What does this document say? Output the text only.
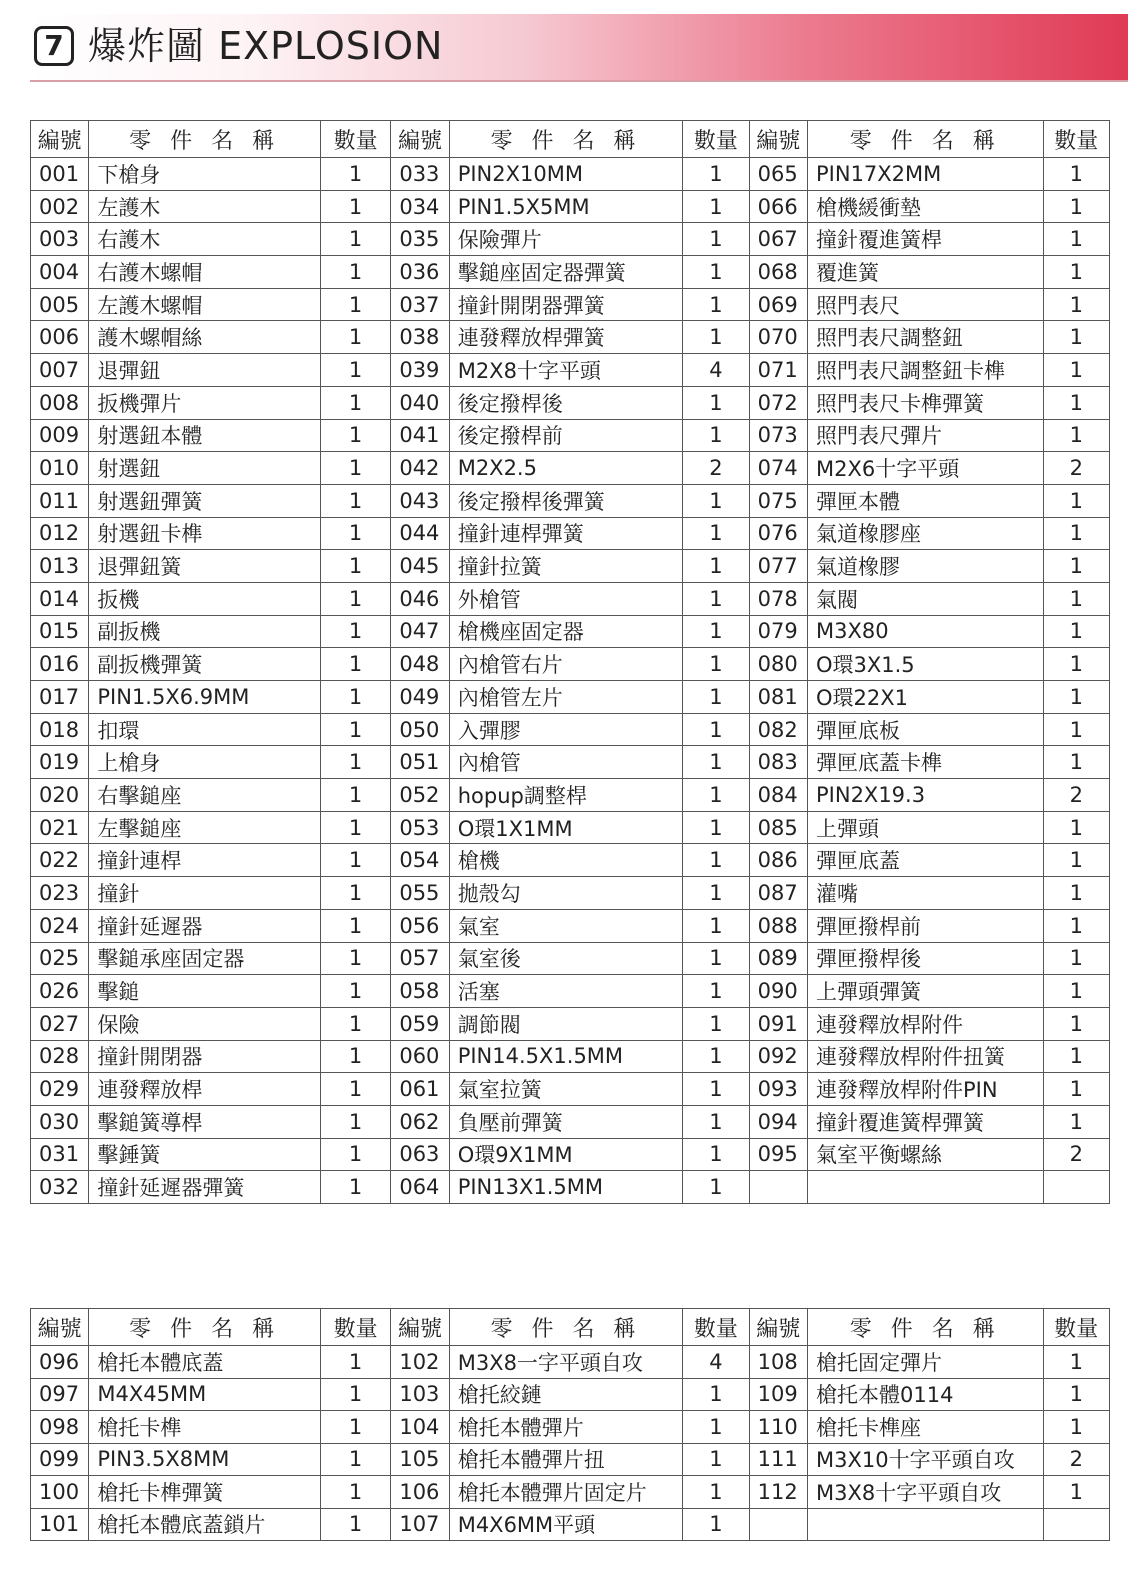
7 爆炸圖 EXPLOSION
編號	零 件 名 稱	數量	編號	零 件 名 稱	數量	編號	零 件 名 稱	數量
001	下槍身	1	033	PIN2X10MM	1	065	PIN17X2MM	1
002	左護木	1	034	PIN1.5X5MM	1	066	槍機緩衝墊	1
003	右護木	1	035	保險彈片	1	067	撞針覆進簧桿	1
004	右護木螺帽	1	036	擊鎚座固定器彈簧	1	068	覆進簧	1
005	左護木螺帽	1	037	撞針開閉器彈簧	1	069	照門表尺	1
006	護木螺帽絲	1	038	連發釋放桿彈簧	1	070	照門表尺調整鈕	1
007	退彈鈕	1	039	M2X8十字平頭	4	071	照門表尺調整鈕卡榫	1
008	扳機彈片	1	040	後定撥桿後	1	072	照門表尺卡榫彈簧	1
009	射選鈕本體	1	041	後定撥桿前	1	073	照門表尺彈片	1
010	射選鈕	1	042	M2X2.5	2	074	M2X6十字平頭	2
011	射選鈕彈簧	1	043	後定撥桿後彈簧	1	075	彈匣本體	1
012	射選鈕卡榫	1	044	撞針連桿彈簧	1	076	氣道橡膠座	1
013	退彈鈕簧	1	045	撞針拉簧	1	077	氣道橡膠	1
014	扳機	1	046	外槍管	1	078	氣閥	1
015	副扳機	1	047	槍機座固定器	1	079	M3X80	1
016	副扳機彈簧	1	048	內槍管右片	1	080	O環3X1.5	1
017	PIN1.5X6.9MM	1	049	內槍管左片	1	081	O環22X1	1
018	扣環	1	050	入彈膠	1	082	彈匣底板	1
019	上槍身	1	051	內槍管	1	083	彈匣底蓋卡榫	1
020	右擊鎚座	1	052	hopup調整桿	1	084	PIN2X19.3	2
021	左擊鎚座	1	053	O環1X1MM	1	085	上彈頭	1
022	撞針連桿	1	054	槍機	1	086	彈匣底蓋	1
023	撞針	1	055	拋殼勾	1	087	灌嘴	1
024	撞針延遲器	1	056	氣室	1	088	彈匣撥桿前	1
025	擊鎚承座固定器	1	057	氣室後	1	089	彈匣撥桿後	1
026	擊鎚	1	058	活塞	1	090	上彈頭彈簧	1
027	保險	1	059	調節閥	1	091	連發釋放桿附件	1
028	撞針開閉器	1	060	PIN14.5X1.5MM	1	092	連發釋放桿附件扭簧	1
029	連發釋放桿	1	061	氣室拉簧	1	093	連發釋放桿附件PIN	1
030	擊鎚簧導桿	1	062	負壓前彈簧	1	094	撞針覆進簧桿彈簧	1
031	擊錘簧	1	063	O環9X1MM	1	095	氣室平衡螺絲	2
032	撞針延遲器彈簧	1	064	PIN13X1.5MM	1			
編號	零 件 名 稱	數量	編號	零 件 名 稱	數量	編號	零 件 名 稱	數量
096	槍托本體底蓋	1	102	M3X8一字平頭自攻	4	108	槍托固定彈片	1
097	M4X45MM	1	103	槍托絞鏈	1	109	槍托本體0114	1
098	槍托卡榫	1	104	槍托本體彈片	1	110	槍托卡榫座	1
099	PIN3.5X8MM	1	105	槍托本體彈片扭	1	111	M3X10十字平頭自攻	2
100	槍托卡榫彈簧	1	106	槍托本體彈片固定片	1	112	M3X8十字平頭自攻	1
101	槍托本體底蓋鎖片	1	107	M4X6MM平頭	1			
